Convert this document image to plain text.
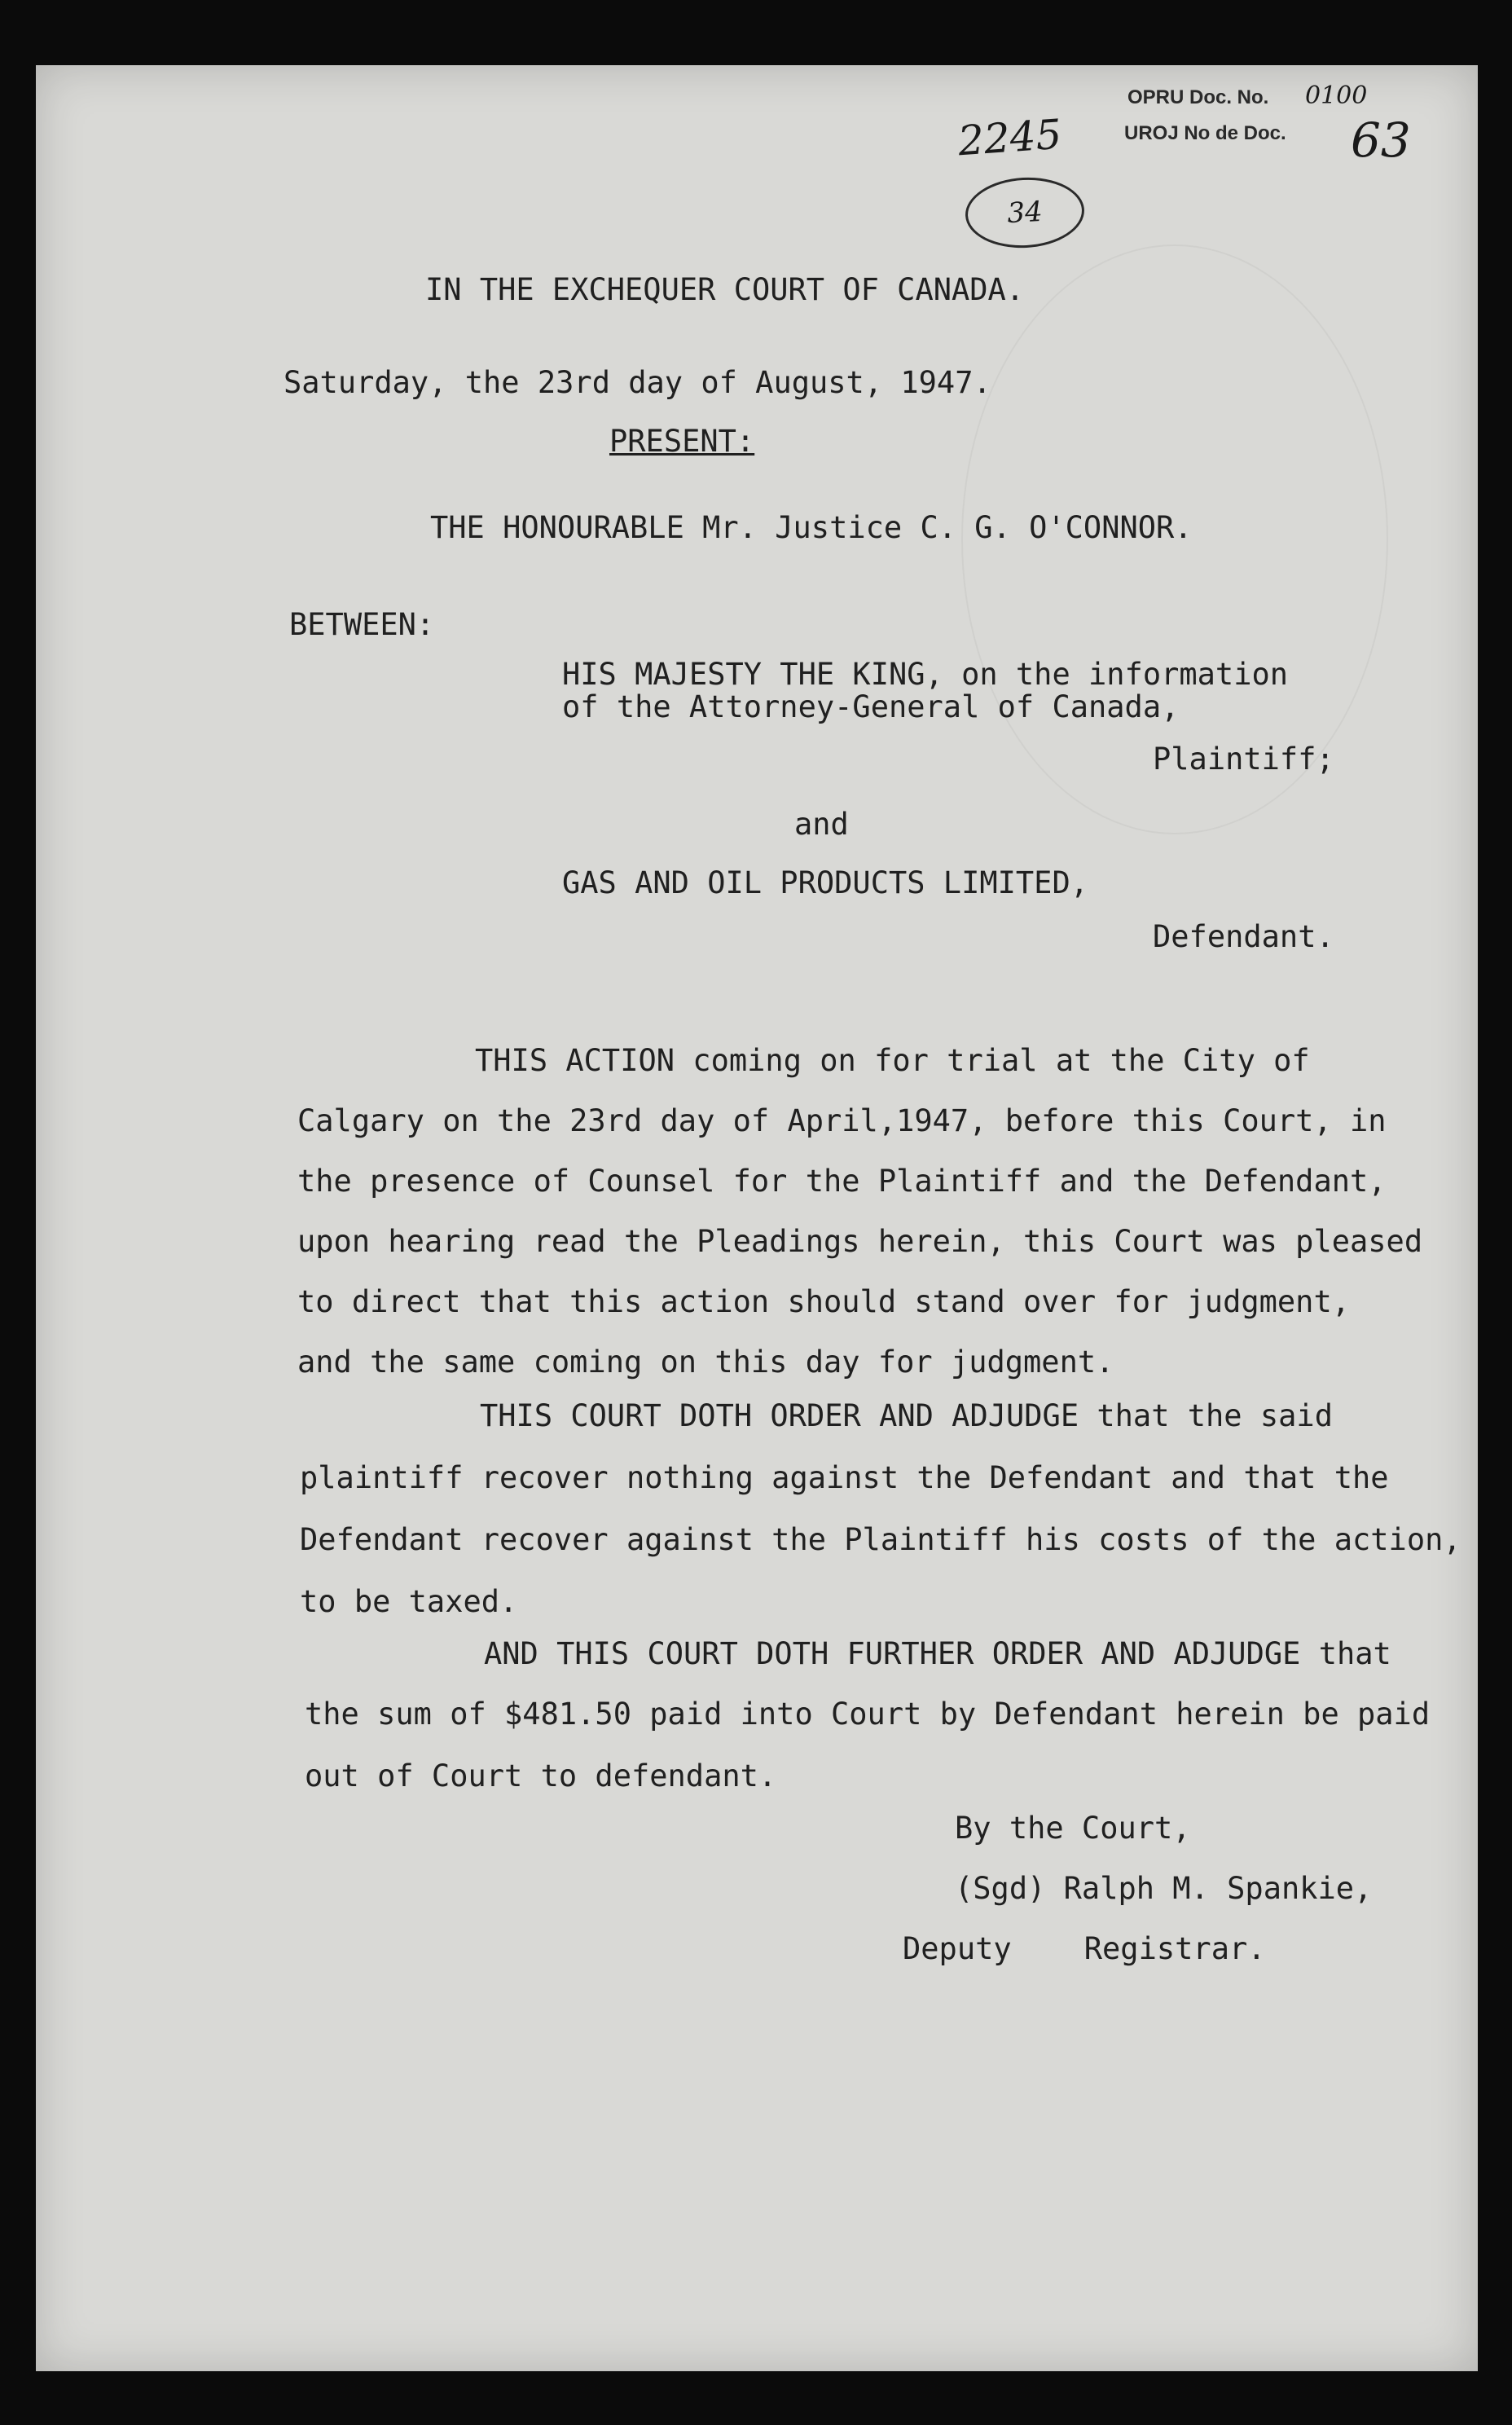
OPRU Doc. No. 0100
UROJ No de Doc. 63
2245
34
IN THE EXCHEQUER COURT OF CANADA.
Saturday, the 23rd day of August, 1947.
PRESENT:
THE HONOURABLE Mr. Justice C. G. O'CONNOR.
BETWEEN:
HIS MAJESTY THE KING, on the information
of the Attorney-General of Canada,
Plaintiff;
and
GAS AND OIL PRODUCTS LIMITED,
Defendant.
THIS ACTION coming on for trial at the City of
Calgary on the 23rd day of April,1947, before this Court, in
the presence of Counsel for the Plaintiff and the Defendant,
upon hearing read the Pleadings herein, this Court was pleased
to direct that this action should stand over for judgment,
and the same coming on this day for judgment.
THIS COURT DOTH ORDER AND ADJUDGE that the said
plaintiff recover nothing against the Defendant and that the
Defendant recover against the Plaintiff his costs of the action,
to be taxed.
AND THIS COURT DOTH FURTHER ORDER AND ADJUDGE that
the sum of $481.50 paid into Court by Defendant herein be paid
out of Court to defendant.
By the Court,
(Sgd) Ralph M. Spankie,
Deputy    Registrar.
